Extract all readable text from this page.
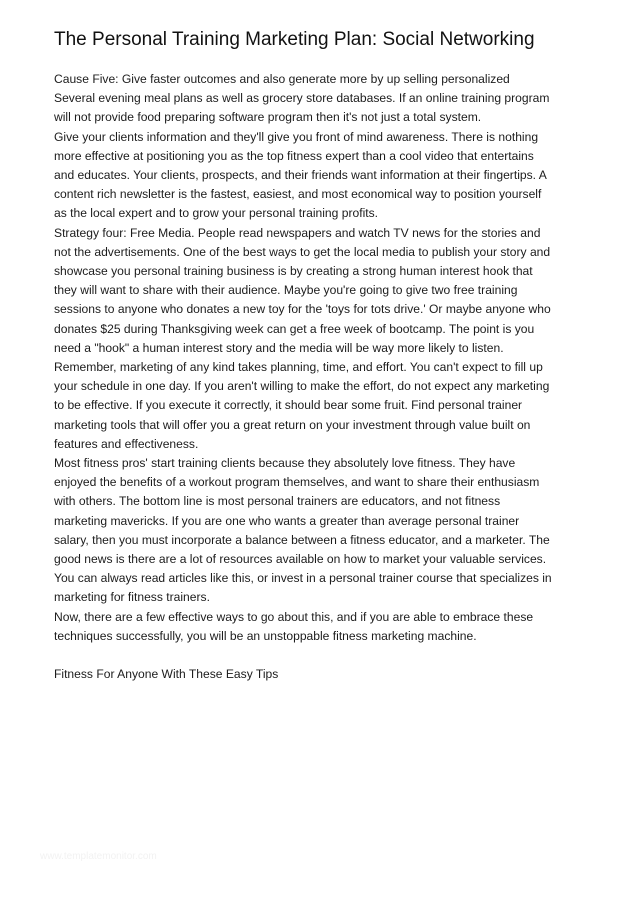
The Personal Training Marketing Plan: Social Networking
Cause Five: Give faster outcomes and also generate more by up selling personalized
Several evening meal plans as well as grocery store databases. If an online training program
will not provide food preparing software program then it's not just a total system.
Give your clients information and they'll give you front of mind awareness. There is nothing
more effective at positioning you as the top fitness expert than a cool video that entertains
and educates. Your clients, prospects, and their friends want information at their fingertips. A
content rich newsletter is the fastest, easiest, and most economical way to position yourself
as the local expert and to grow your personal training profits.
Strategy four: Free Media. People read newspapers and watch TV news for the stories and
not the advertisements. One of the best ways to get the local media to publish your story and
showcase you personal training business is by creating a strong human interest hook that
they will want to share with their audience. Maybe you're going to give two free training
sessions to anyone who donates a new toy for the 'toys for tots drive.' Or maybe anyone who
donates $25 during Thanksgiving week can get a free week of bootcamp. The point is you
need a "hook" a human interest story and the media will be way more likely to listen.
Remember, marketing of any kind takes planning, time, and effort. You can't expect to fill up
your schedule in one day. If you aren't willing to make the effort, do not expect any marketing
to be effective. If you execute it correctly, it should bear some fruit. Find personal trainer
marketing tools that will offer you a great return on your investment through value built on
features and effectiveness.
Most fitness pros' start training clients because they absolutely love fitness. They have
enjoyed the benefits of a workout program themselves, and want to share their enthusiasm
with others. The bottom line is most personal trainers are educators, and not fitness
marketing mavericks. If you are one who wants a greater than average personal trainer
salary, then you must incorporate a balance between a fitness educator, and a marketer. The
good news is there are a lot of resources available on how to market your valuable services.
You can always read articles like this, or invest in a personal trainer course that specializes in
marketing for fitness trainers.
Now, there are a few effective ways to go about this, and if you are able to embrace these
techniques successfully, you will be an unstoppable fitness marketing machine.
Fitness For Anyone With These Easy Tips
www.templatemonitor.com
